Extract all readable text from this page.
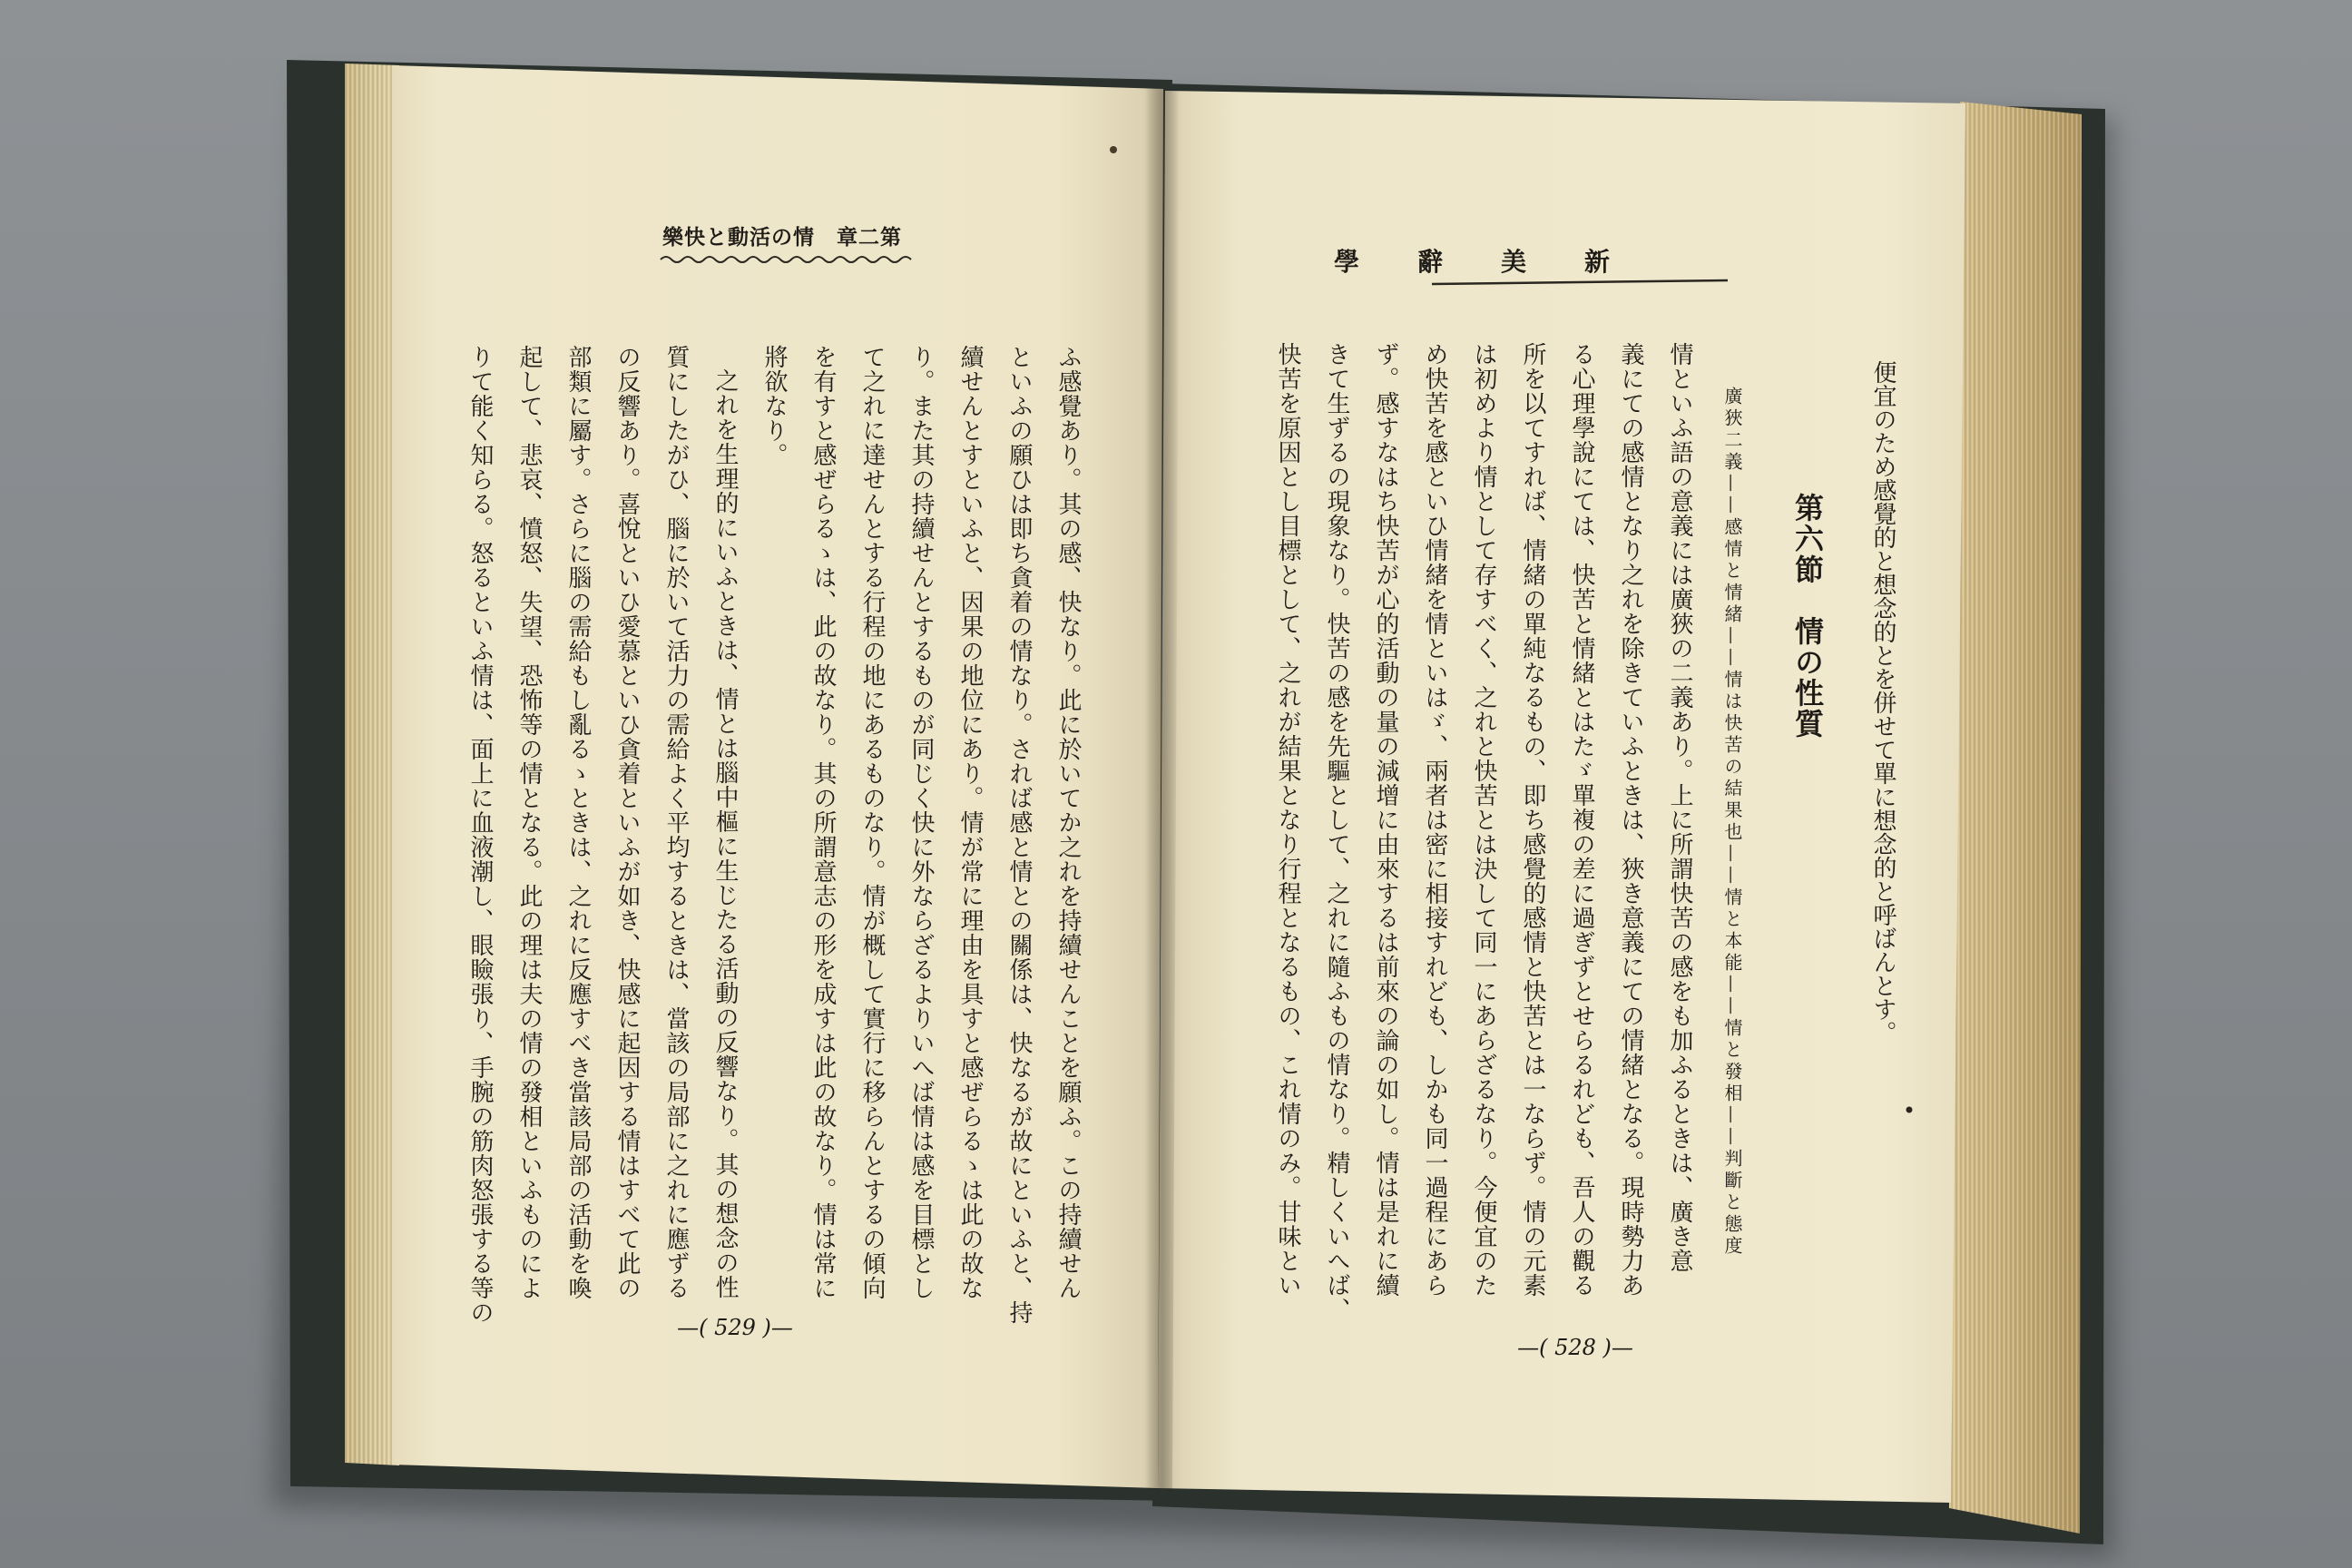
第二章　情の活動と快樂
ふ感覺あり。其の感、快なり。此に於いてか之れを持續せんことを願ふ。この持續せん
といふの願ひは即ち貪着の情なり。されば感と情との關係は、快なるが故にといふと、持
續せんとすといふと、因果の地位にあり。情が常に理由を具すと感ぜらるゝは此の故な
り。また其の持續せんとするものが同じく快に外ならざるよりいへば情は感を目標とし
て之れに達せんとする行程の地にあるものなり。情が概して實行に移らんとするの傾向
を有すと感ぜらるゝは、此の故なり。其の所謂意志の形を成すは此の故なり。情は常に
將欲なり。
之れを生理的にいふときは、情とは腦中樞に生じたる活動の反響なり。其の想念の性
質にしたがひ、腦に於いて活力の需給よく平均するときは、當該の局部に之れに應ずる
の反響あり。喜悅といひ愛慕といひ貪着といふが如き、快感に起因する情はすべて此の
部類に屬す。さらに腦の需給もし亂るゝときは、之れに反應すべき當該局部の活動を喚
起して、悲哀、憤怒、失望、恐怖等の情となる。此の理は夫の情の發相といふものによ
りて能く知らる。怒るといふ情は、面上に血液潮し、眼瞼張り、手腕の筋肉怒張する等の
—( 529 )—
新美辭學
便宜のため感覺的と想念的とを併せて單に想念的と呼ばんとす。
第六節　情の性質
廣狹二義——感情と情緒——情は快苦の結果也——情と本能——情と發相——判斷と態度
情といふ語の意義には廣狹の二義あり。上に所謂快苦の感をも加ふるときは、廣き意
義にての感情となり之れを除きていふときは、狹き意義にての情緒となる。現時勢力あ
る心理學說にては、快苦と情緒とはたゞ單複の差に過ぎずとせらるれども、吾人の觀る
所を以てすれば、情緒の單純なるもの、即ち感覺的感情と快苦とは一ならず。情の元素
は初めより情として存すべく、之れと快苦とは決して同一にあらざるなり。今便宜のた
め快苦を感といひ情緒を情といはゞ、兩者は密に相接すれども、しかも同一過程にあら
ず。感すなはち快苦が心的活動の量の減增に由來するは前來の論の如し。情は是れに續
きて生ずるの現象なり。快苦の感を先驅として、之れに隨ふもの情なり。精しくいへば、
快苦を原因とし目標として、之れが結果となり行程となるもの、これ情のみ。甘味とい
—( 528 )—
